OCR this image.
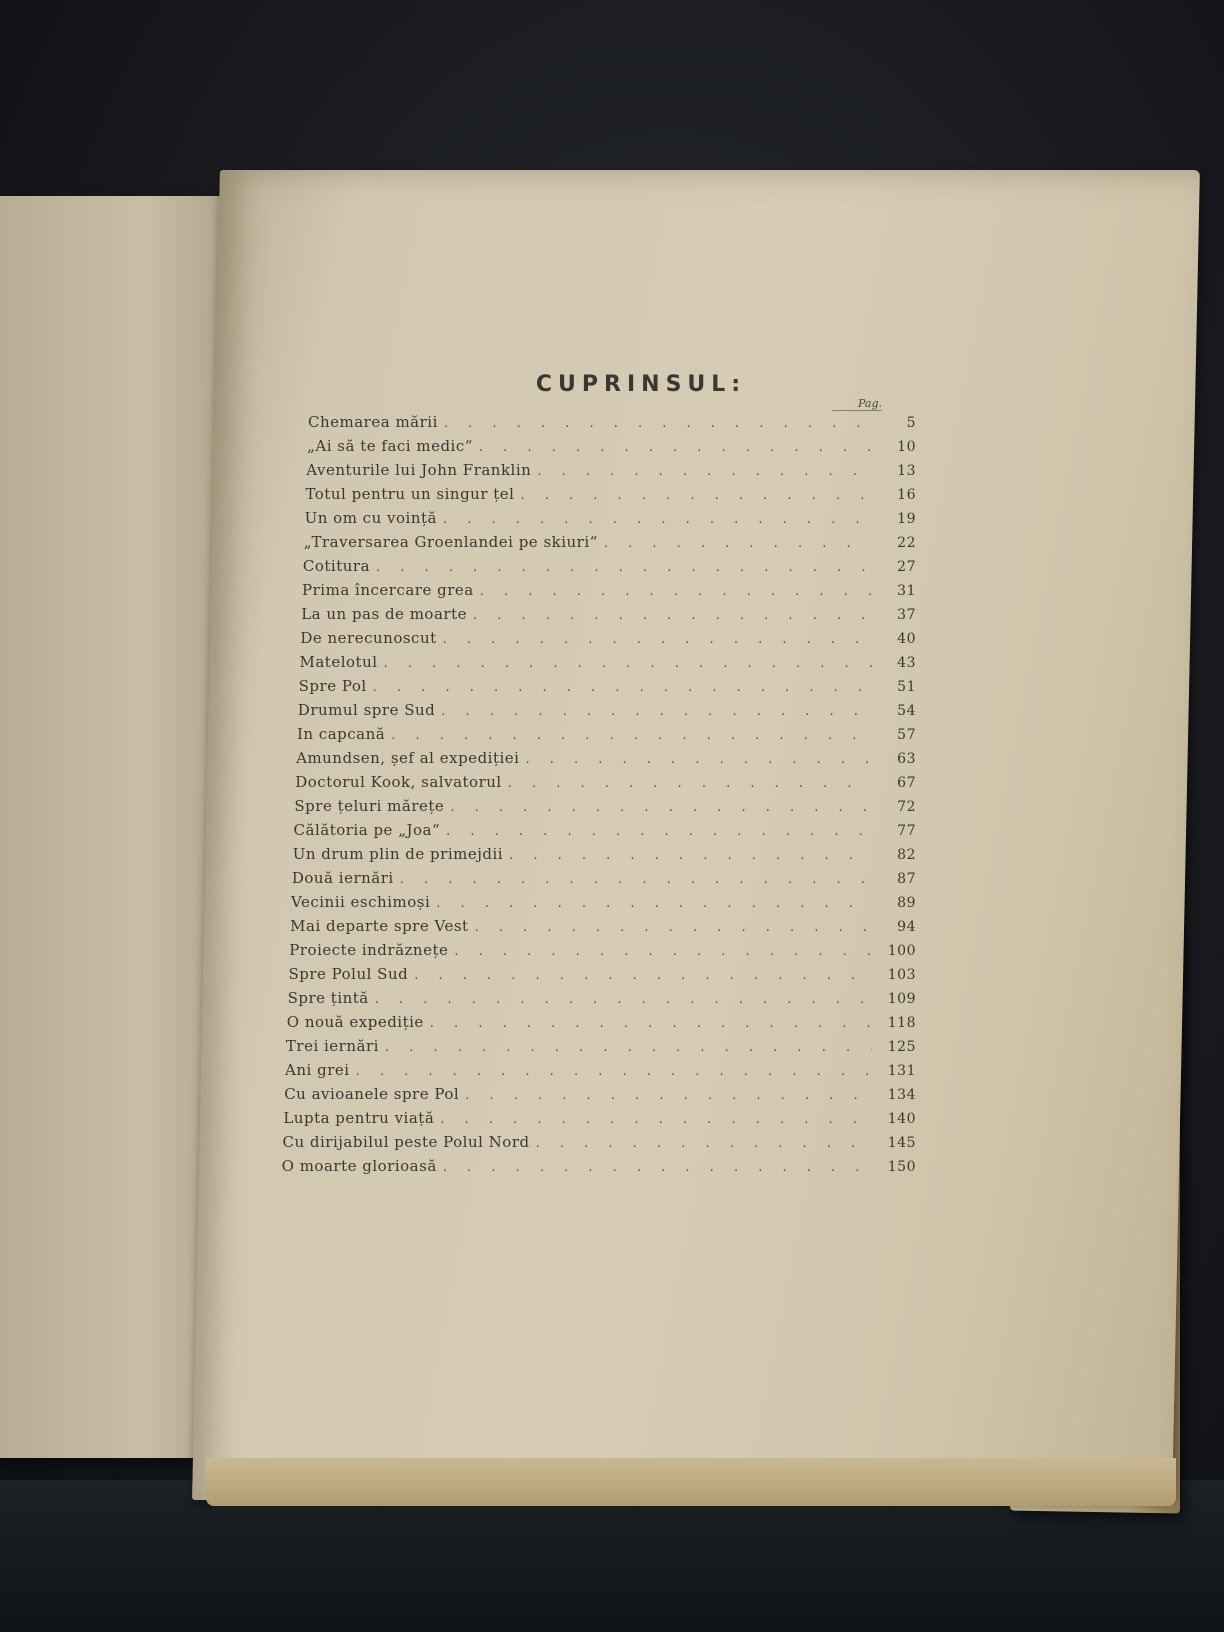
CUPRINSUL:
Pag.
Chemarea mării . . .	5
„Ai să te faci medic“ . . .	10
Aventurile lui John Franklin . . .	13
Totul pentru un singur țel . . .	16
Un om cu voință . . .	19
„Traversarea Groenlandei pe skiuri“ . . .	22
Cotitura . . .	27
Prima încercare grea . . .	31
La un pas de moarte . . .	37
De nerecunoscut . . .	40
Matelotul . . .	43
Spre Pol . . .	51
Drumul spre Sud . . .	54
In capcană . . .	57
Amundsen, șef al expediției . . .	63
Doctorul Kook, salvatorul . . .	67
Spre țeluri mărețe . . .	72
Călătoria pe „Joa“ . . .	77
Un drum plin de primejdii . . .	82
Două iernări . . .	87
Vecinii eschimoși . . .	89
Mai departe spre Vest . . .	94
Proiecte indrăznețe . . .	100
Spre Polul Sud . . .	103
Spre țintă . . .	109
O nouă expediție . . .	118
Trei iernări . . .	125
Ani grei . . .	131
Cu avioanele spre Pol . . .	134
Lupta pentru viață . . .	140
Cu dirijabilul peste Polul Nord . . .	145
O moarte glorioasă . . .	150
